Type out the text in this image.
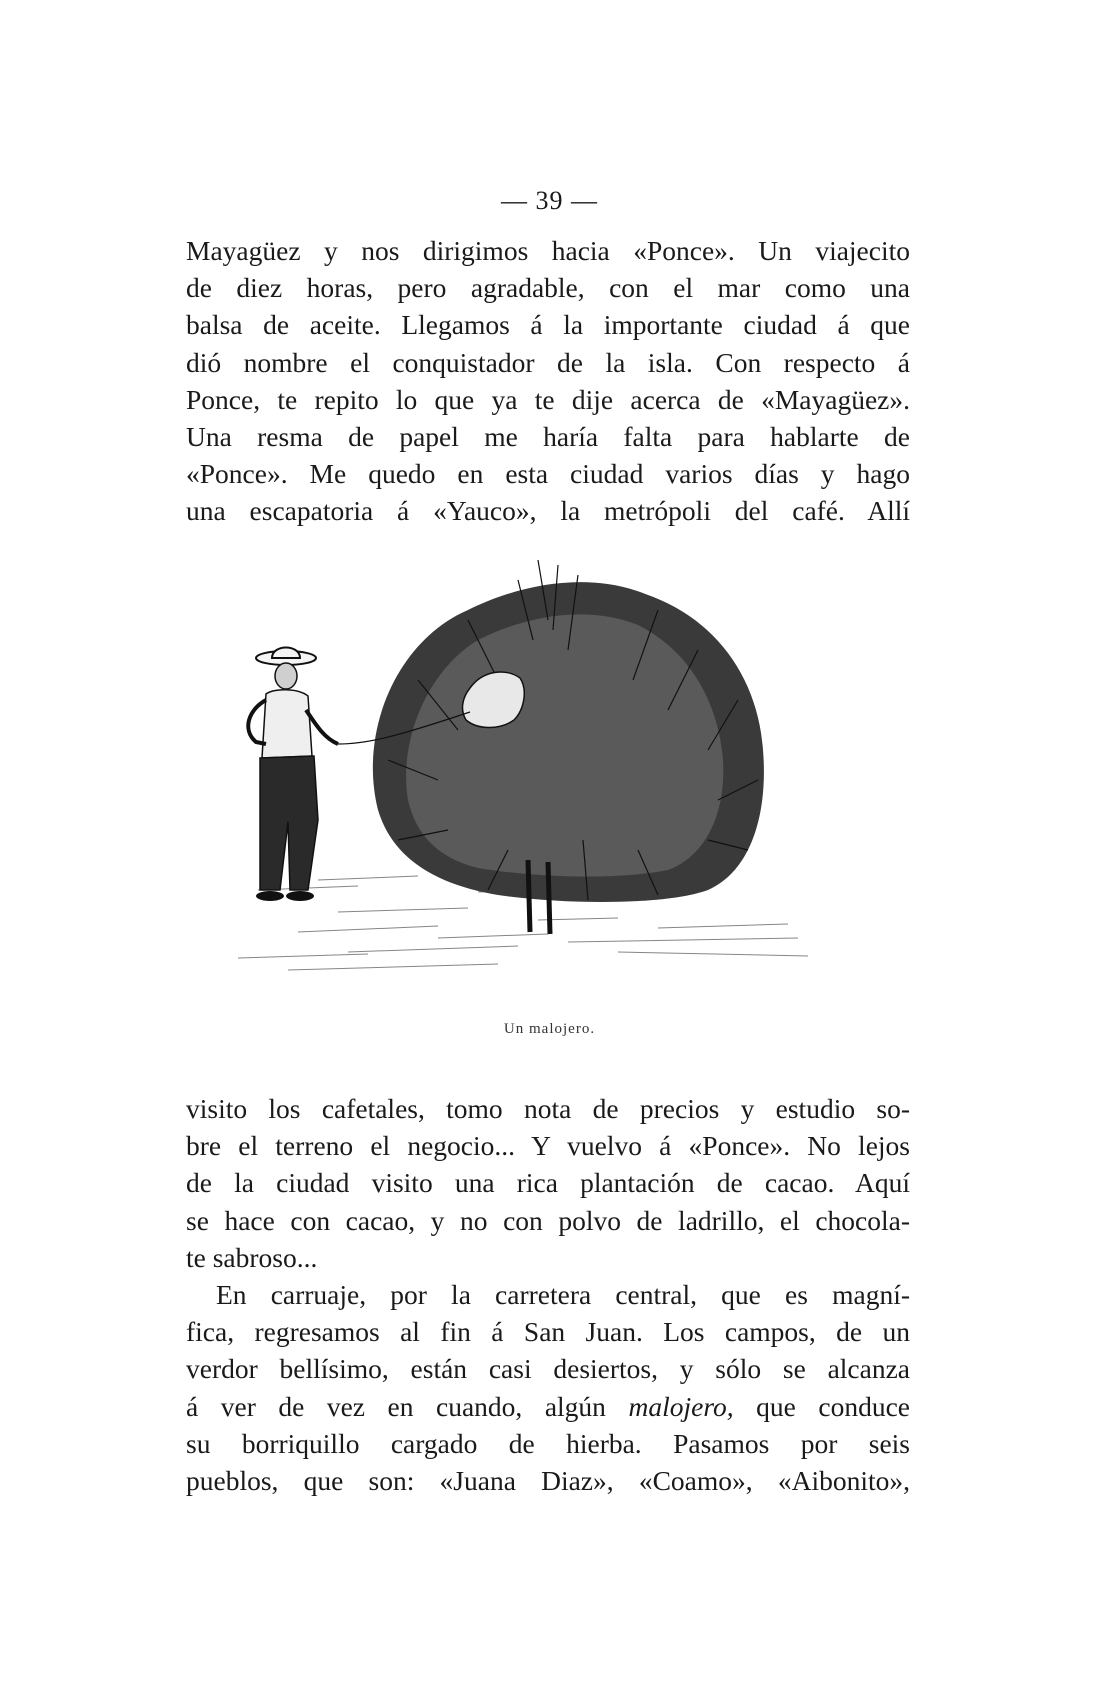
— 39 —
Mayagüez y nos dirigimos hacia «Ponce». Un viajecito
de diez horas, pero agradable, con el mar como una
balsa de aceite. Llegamos á la importante ciudad á que
dió nombre el conquistador de la isla. Con respecto á
Ponce, te repito lo que ya te dije acerca de «Mayagüez».
Una resma de papel me haría falta para hablarte de
«Ponce». Me quedo en esta ciudad varios días y hago
una escapatoria á «Yauco», la metrópoli del café. Allí
Un malojero.
visito los cafetales, tomo nota de precios y estudio so-
bre el terreno el negocio... Y vuelvo á «Ponce». No lejos
de la ciudad visito una rica plantación de cacao. Aquí
se hace con cacao, y no con polvo de ladrillo, el chocola-
te sabroso...
En carruaje, por la carretera central, que es magní-
fica, regresamos al fin á San Juan. Los campos, de un
verdor bellísimo, están casi desiertos, y sólo se alcanza
á ver de vez en cuando, algún malojero, que conduce
su borriquillo cargado de hierba. Pasamos por seis
pueblos, que son: «Juana Diaz», «Coamo», «Aibonito»,
